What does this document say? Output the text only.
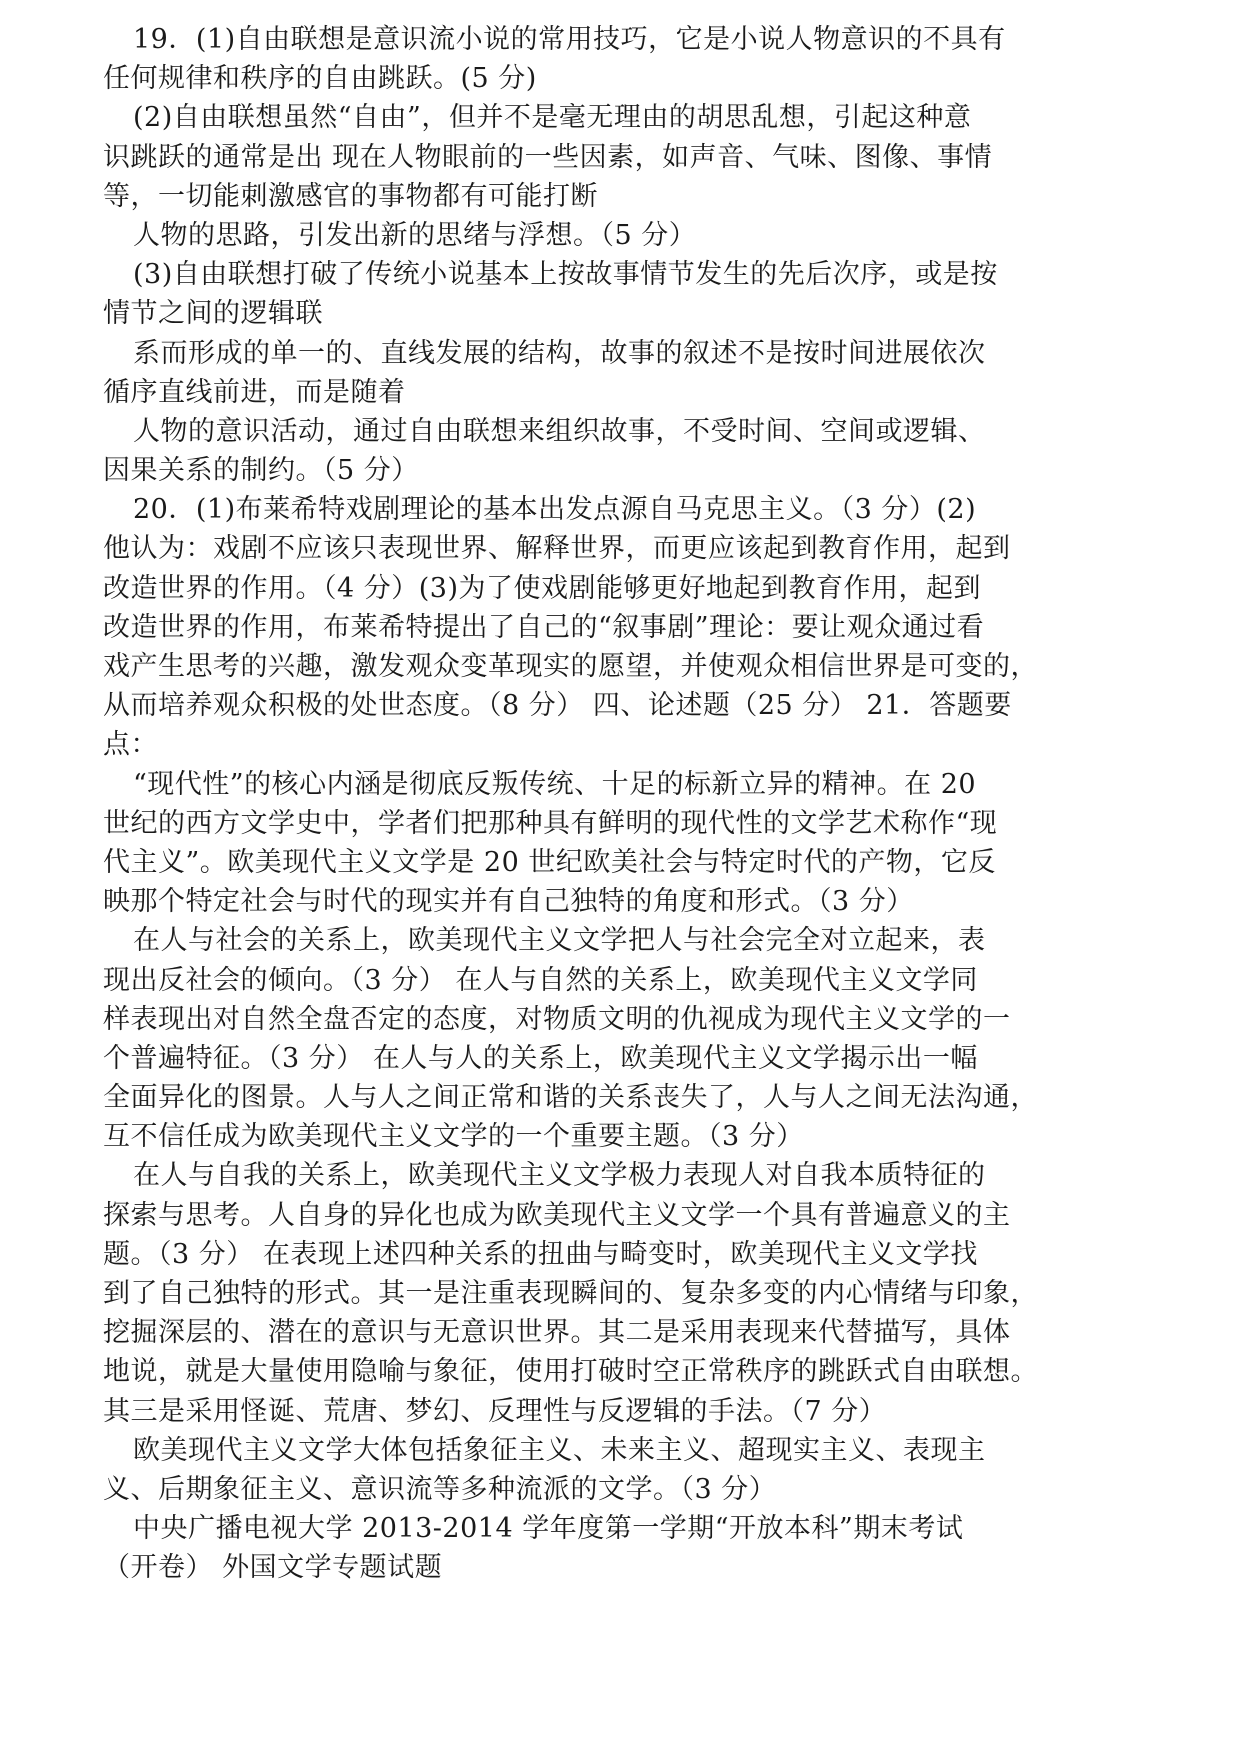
19．(1)自由联想是意识流小说的常用技巧，它是小说人物意识的不具有
任何规律和秩序的自由跳跃。(5 分)
(2)自由联想虽然“自由”，但并不是毫无理由的胡思乱想，引起这种意
识跳跃的通常是出 现在人物眼前的一些因素，如声音、气味、图像、事情
等，一切能刺激感官的事物都有可能打断
人物的思路，引发出新的思绪与浮想。（5 分）
(3)自由联想打破了传统小说基本上按故事情节发生的先后次序，或是按
情节之间的逻辑联
系而形成的单一的、直线发展的结构，故事的叙述不是按时间进展依次
循序直线前进，而是随着
人物的意识活动，通过自由联想来组织故事，不受时间、空间或逻辑、
因果关系的制约。（5 分）
20．(1)布莱希特戏剧理论的基本出发点源自马克思主义。（3 分）(2)
他认为：戏剧不应该只表现世界、解释世界，而更应该起到教育作用，起到
改造世界的作用。（4 分）(3)为了使戏剧能够更好地起到教育作用，起到
改造世界的作用，布莱希特提出了自己的“叙事剧”理论：要让观众通过看
戏产生思考的兴趣，激发观众变革现实的愿望，并使观众相信世界是可变的，
从而培养观众积极的处世态度。（8 分） 四、论述题（25 分） 21．答题要
点：
“现代性”的核心内涵是彻底反叛传统、十足的标新立异的精神。在 20
世纪的西方文学史中，学者们把那种具有鲜明的现代性的文学艺术称作“现
代主义”。欧美现代主义文学是 20 世纪欧美社会与特定时代的产物，它反
映那个特定社会与时代的现实并有自己独特的角度和形式。（3 分）
在人与社会的关系上，欧美现代主义文学把人与社会完全对立起来，表
现出反社会的倾向。（3 分） 在人与自然的关系上，欧美现代主义文学同
样表现出对自然全盘否定的态度，对物质文明的仇视成为现代主义文学的一
个普遍特征。（3 分） 在人与人的关系上，欧美现代主义文学揭示出一幅
全面异化的图景。人与人之间正常和谐的关系丧失了，人与人之间无法沟通，
互不信任成为欧美现代主义文学的一个重要主题。（3 分）
在人与自我的关系上，欧美现代主义文学极力表现人对自我本质特征的
探索与思考。人自身的异化也成为欧美现代主义文学一个具有普遍意义的主
题。（3 分） 在表现上述四种关系的扭曲与畸变时，欧美现代主义文学找
到了自己独特的形式。其一是注重表现瞬间的、复杂多变的内心情绪与印象，
挖掘深层的、潜在的意识与无意识世界。其二是采用表现来代替描写，具体
地说，就是大量使用隐喻与象征，使用打破时空正常秩序的跳跃式自由联想。
其三是采用怪诞、荒唐、梦幻、反理性与反逻辑的手法。（7 分）
欧美现代主义文学大体包括象征主义、未来主义、超现实主义、表现主
义、后期象征主义、意识流等多种流派的文学。（3 分）
中央广播电视大学 2013-2014 学年度第一学期“开放本科”期末考试
（开卷） 外国文学专题试题
